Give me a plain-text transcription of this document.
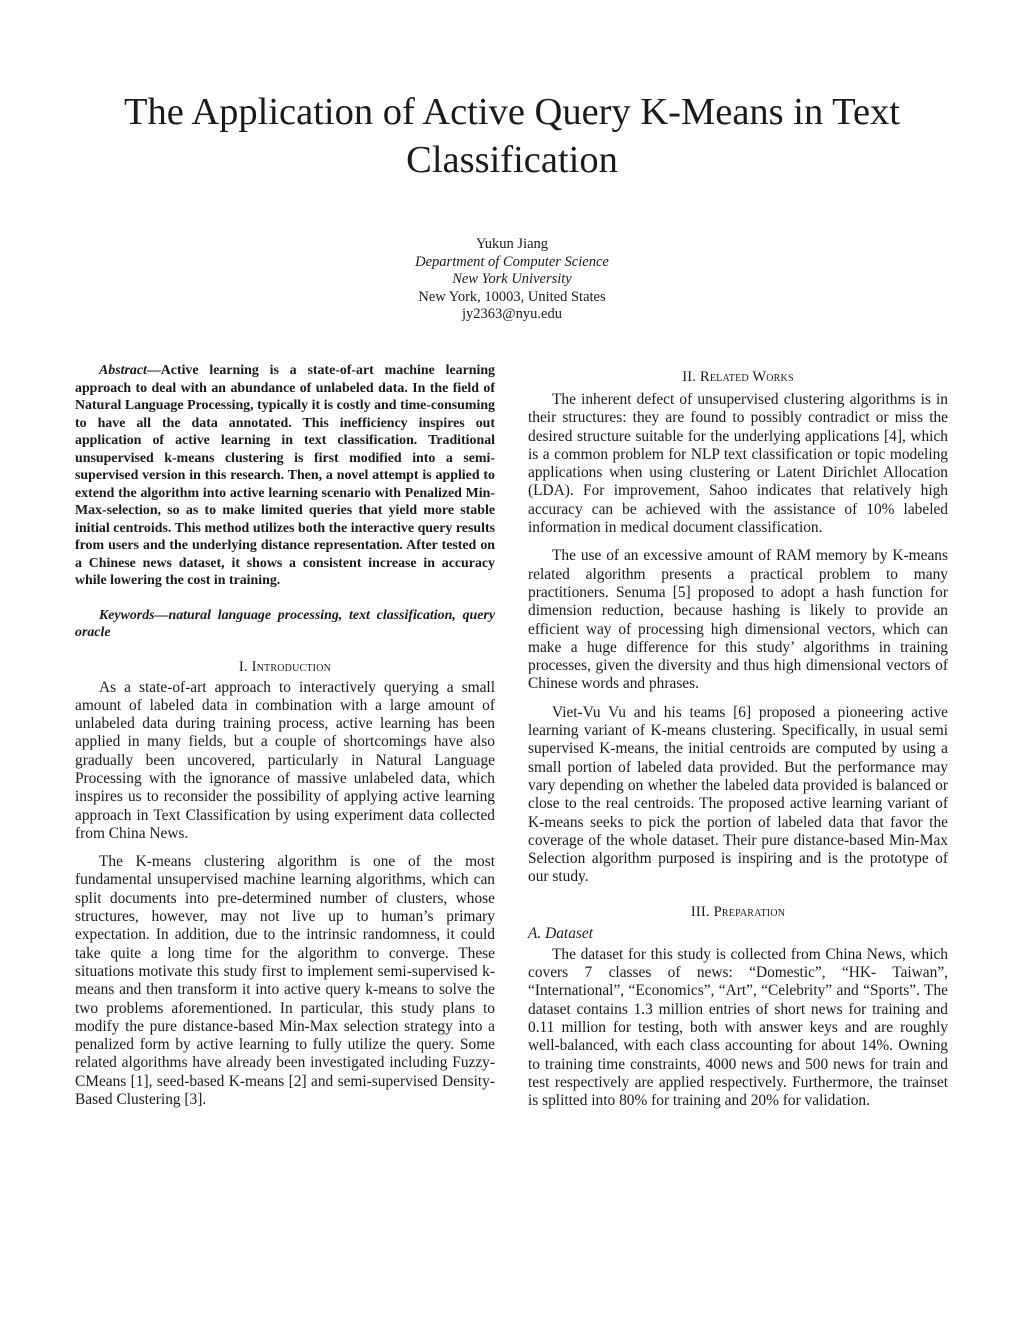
The Application of Active Query K-Means in Text Classification
Yukun Jiang
Department of Computer Science
New York University
New York, 10003, United States
jy2363@nyu.edu

Abstract—Active learning is a state-of-art machine learning approach to deal with an abundance of unlabeled data. In the field of Natural Language Processing, typically it is costly and time-consuming to have all the data annotated. This inefficiency inspires out application of active learning in text classification. Traditional unsupervised k-means clustering is first modified into a semi-supervised version in this research. Then, a novel attempt is applied to extend the algorithm into active learning scenario with Penalized Min-Max-selection, so as to make limited queries that yield more stable initial centroids. This method utilizes both the interactive query results from users and the underlying distance representation. After tested on a Chinese news dataset, it shows a consistent increase in accuracy while lowering the cost in training.

Keywords—natural language processing, text classification, query oracle

I. Introduction

As a state-of-art approach to interactively querying a small amount of labeled data in combination with a large amount of unlabeled data during training process, active learning has been applied in many fields, but a couple of shortcomings have also gradually been uncovered, particularly in Natural Language Processing with the ignorance of massive unlabeled data, which inspires us to reconsider the possibility of applying active learning approach in Text Classification by using experiment data collected from China News.

The K-means clustering algorithm is one of the most fundamental unsupervised machine learning algorithms, which can split documents into pre-determined number of clusters, whose structures, however, may not live up to human’s primary expectation. In addition, due to the intrinsic randomness, it could take quite a long time for the algorithm to converge. These situations motivate this study first to implement semi-supervised k-means and then transform it into active query k-means to solve the two problems aforementioned. In particular, this study plans to modify the pure distance-based Min-Max selection strategy into a penalized form by active learning to fully utilize the query. Some related algorithms have already been investigated including Fuzzy-CMeans [1], seed-based K-means [2] and semi-supervised Density-Based Clustering [3].

II. Related Works

The inherent defect of unsupervised clustering algorithms is in their structures: they are found to possibly contradict or miss the desired structure suitable for the underlying applications [4], which is a common problem for NLP text classification or topic modeling applications when using clustering or Latent Dirichlet Allocation (LDA). For improvement, Sahoo indicates that relatively high accuracy can be achieved with the assistance of 10% labeled information in medical document classification.

The use of an excessive amount of RAM memory by K-means related algorithm presents a practical problem to many practitioners. Senuma [5] proposed to adopt a hash function for dimension reduction, because hashing is likely to provide an efficient way of processing high dimensional vectors, which can make a huge difference for this study’ algorithms in training processes, given the diversity and thus high dimensional vectors of Chinese words and phrases.

Viet-Vu Vu and his teams [6] proposed a pioneering active learning variant of K-means clustering. Specifically, in usual semi supervised K-means, the initial centroids are computed by using a small portion of labeled data provided. But the performance may vary depending on whether the labeled data provided is balanced or close to the real centroids. The proposed active learning variant of K-means seeks to pick the portion of labeled data that favor the coverage of the whole dataset. Their pure distance-based Min-Max Selection algorithm purposed is inspiring and is the prototype of our study.

III. Preparation
A. Dataset

The dataset for this study is collected from China News, which covers 7 classes of news: “Domestic”, “HK- Taiwan”, “International”, “Economics”, “Art”, “Celebrity” and “Sports”. The dataset contains 1.3 million entries of short news for training and 0.11 million for testing, both with answer keys and are roughly well-balanced, with each class accounting for about 14%. Owning to training time constraints, 4000 news and 500 news for train and test respectively are applied respectively. Furthermore, the trainset is splitted into 80% for training and 20% for validation.
